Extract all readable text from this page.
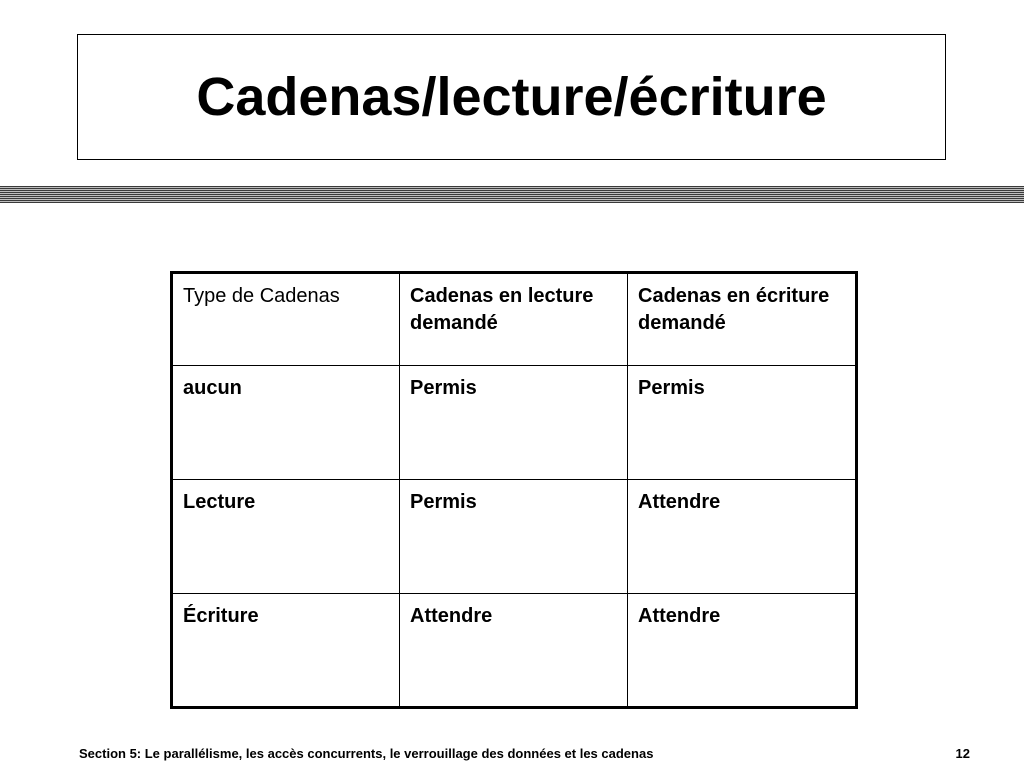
Cadenas/lecture/écriture
Type de Cadenas	Cadenas en lecture demandé	Cadenas en écriture demandé
aucun	Permis	Permis
Lecture	Permis	Attendre
Écriture	Attendre	Attendre
Section 5: Le parallélisme, les accès concurrents, le verrouillage des données et les cadenas	12
